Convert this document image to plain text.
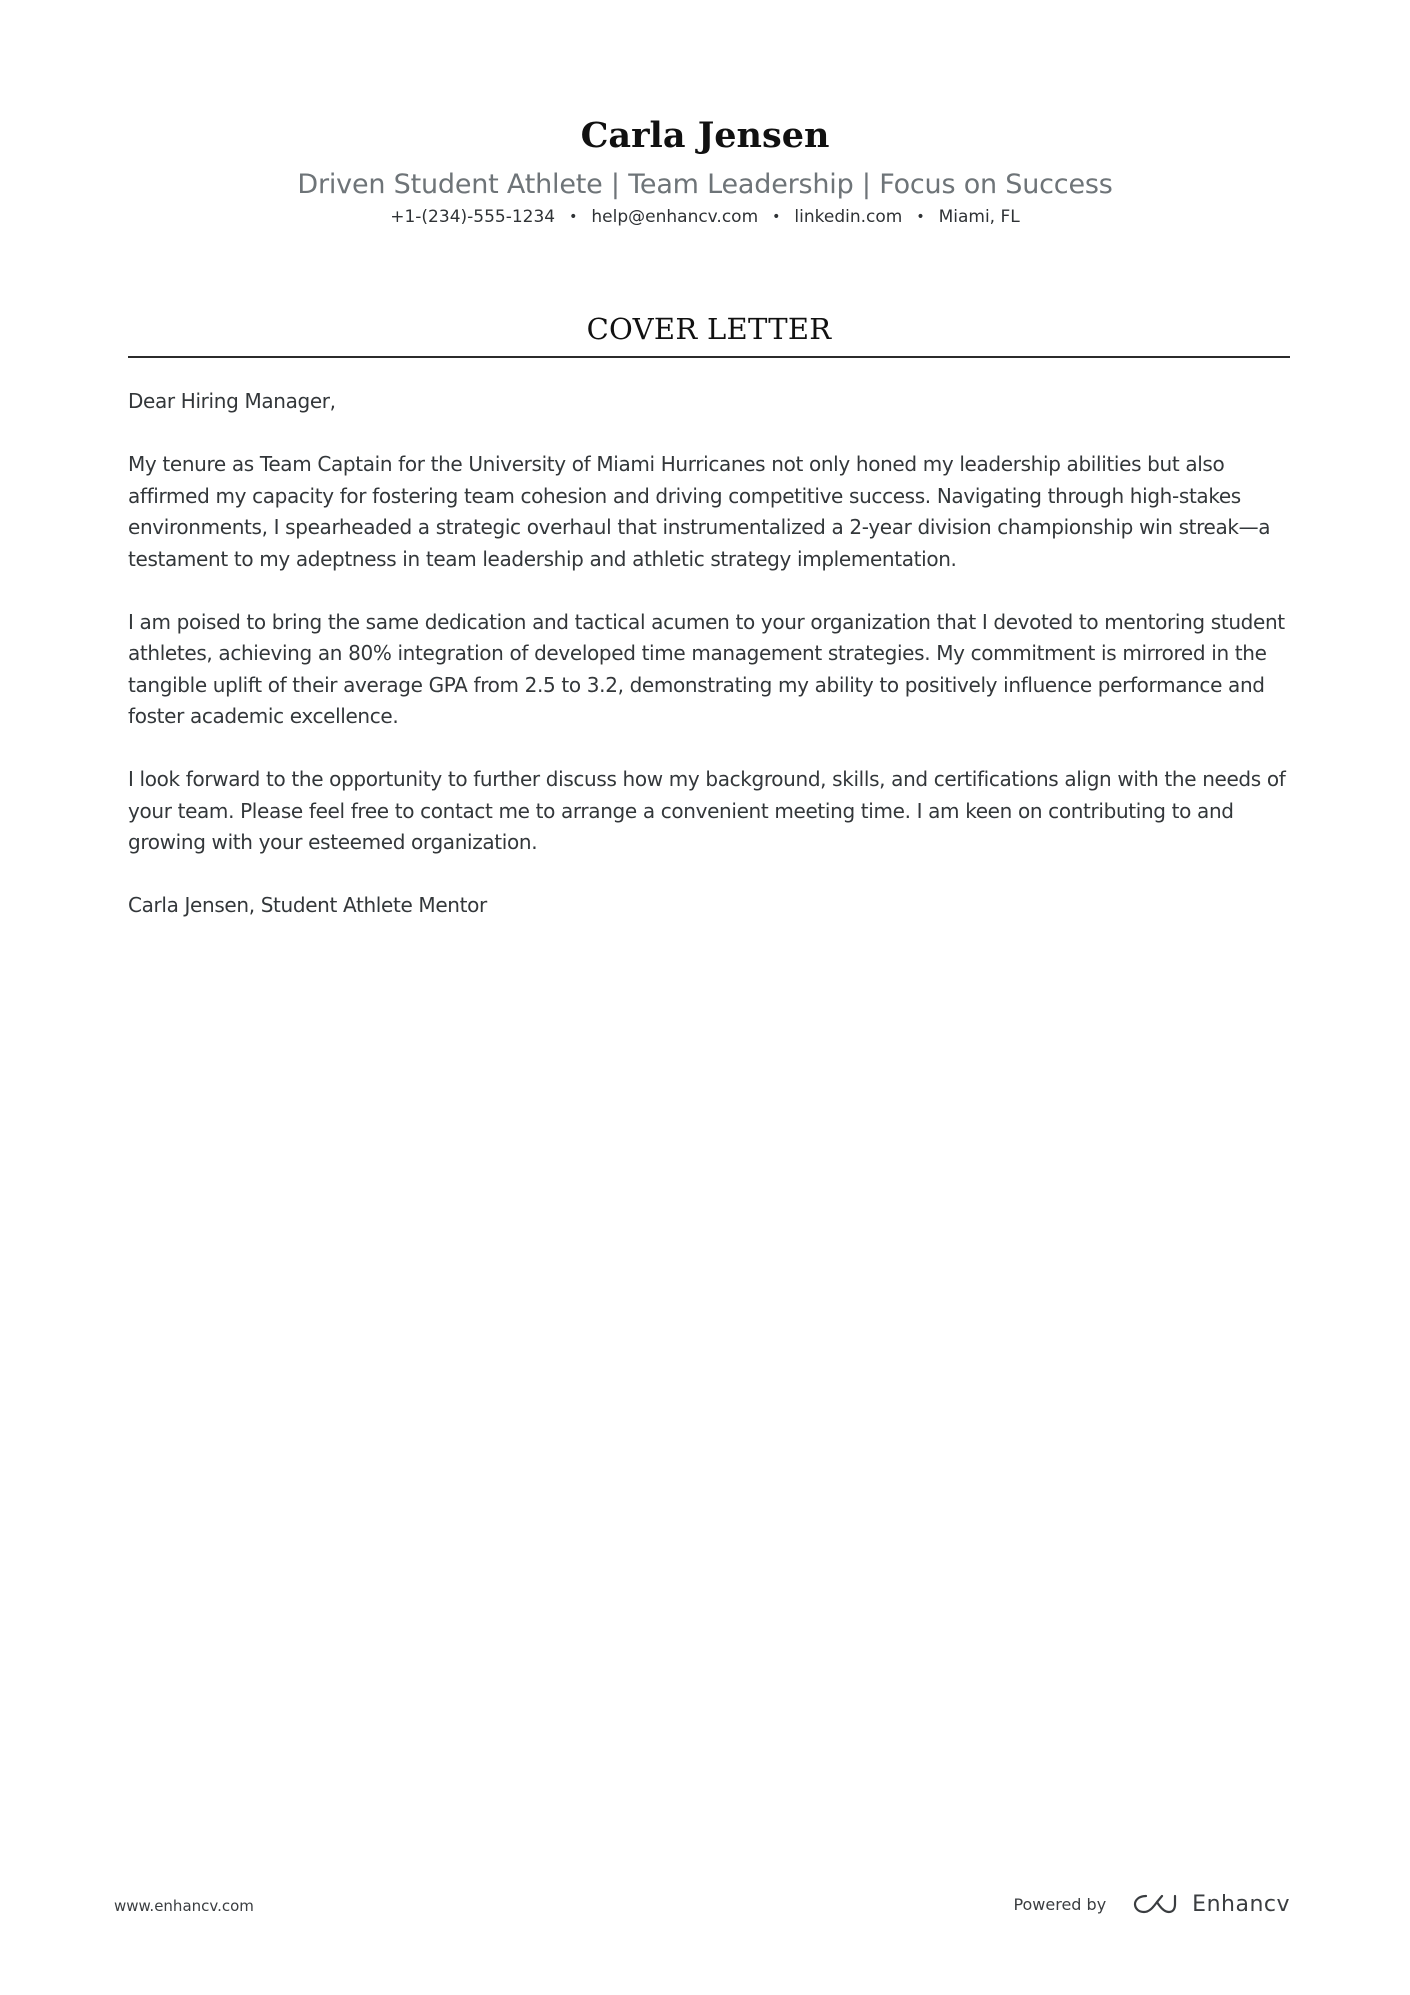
Carla Jensen
Driven Student Athlete | Team Leadership | Focus on Success
+1-(234)-555-1234 • help@enhancv.com • linkedin.com • Miami, FL
COVER LETTER

Dear Hiring Manager,

My tenure as Team Captain for the University of Miami Hurricanes not only honed my leadership abilities but also affirmed my capacity for fostering team cohesion and driving competitive success. Navigating through high-stakes environments, I spearheaded a strategic overhaul that instrumentalized a 2-year division championship win streak—a testament to my adeptness in team leadership and athletic strategy implementation.

I am poised to bring the same dedication and tactical acumen to your organization that I devoted to mentoring student athletes, achieving an 80% integration of developed time management strategies. My commitment is mirrored in the tangible uplift of their average GPA from 2.5 to 3.2, demonstrating my ability to positively influence performance and foster academic excellence.

I look forward to the opportunity to further discuss how my background, skills, and certifications align with the needs of your team. Please feel free to contact me to arrange a convenient meeting time. I am keen on contributing to and growing with your esteemed organization.

Carla Jensen, Student Athlete Mentor

www.enhancv.com	Powered by	Enhancv
